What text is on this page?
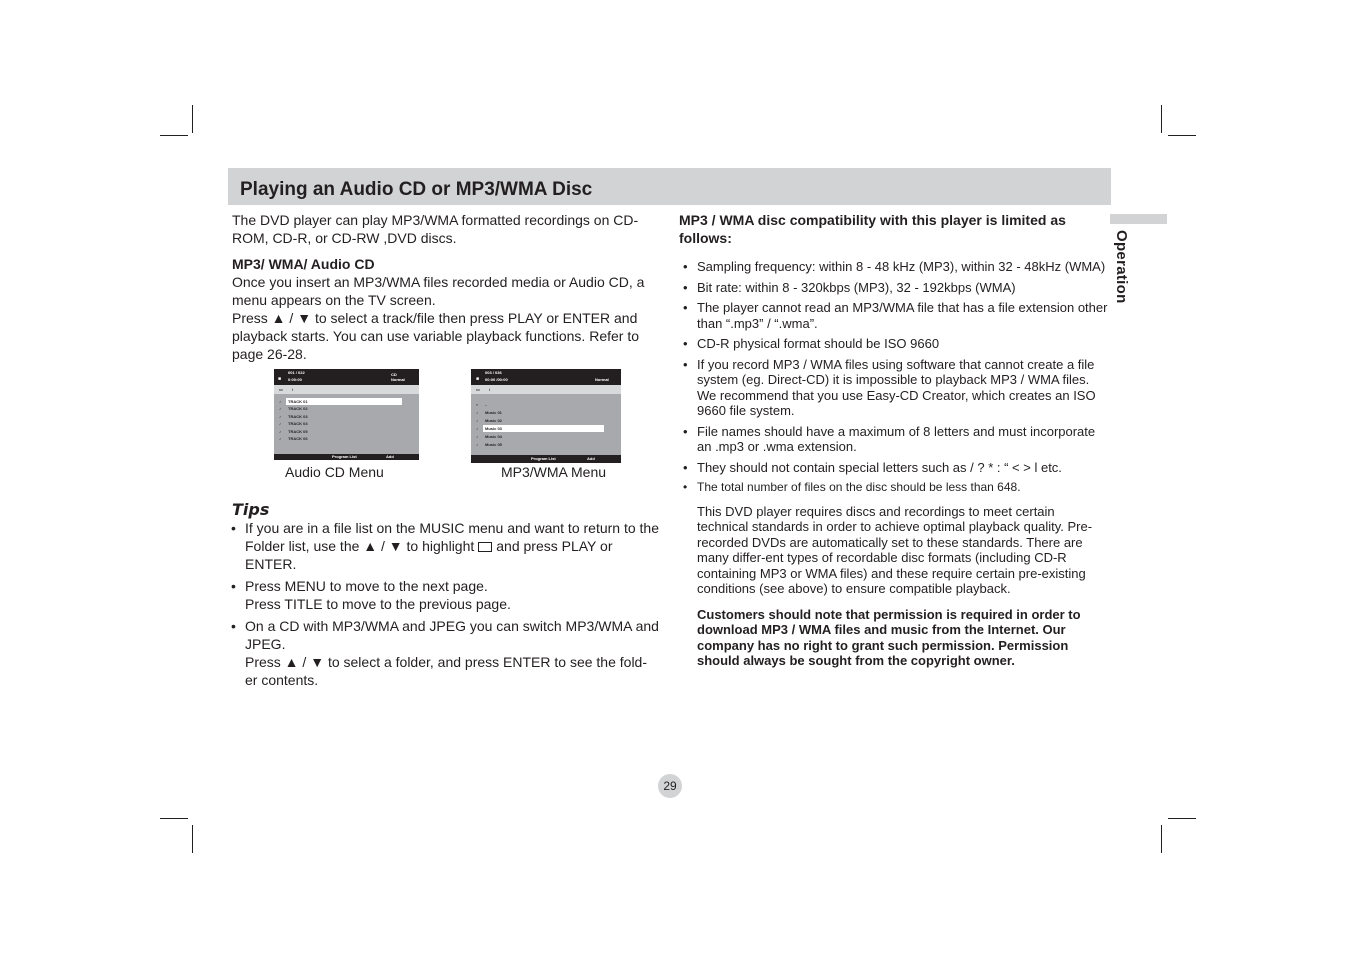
Playing an Audio CD or MP3/WMA Disc
Operation

The DVD player can play MP3/WMA formatted recordings on CD-ROM, CD-R, or CD-RW ,DVD discs.

MP3/ WMA/ Audio CD

Once you insert an MP3/WMA files recorded media or Audio CD, a menu appears on the TV screen.

Press ▲ / ▼ to select a track/file then press PLAY or ENTER and playback starts. You can use variable playback functions. Refer to page 26-28.

001 / 022
■ 0:00:00
CD
Normal
▭ \
♪ TRACK 01
♪ TRACK 02
♪ TRACK 03
♪ TRACK 04
♪ TRACK 05
♪ TRACK 06
Program List	Add
Audio CD Menu
003 / 036
■ 00:00 /00:00	Normal
▭ \
◐ ..
♪ Music 01
♪ Music 02
♪ Music 03
♪ Music 04
♪ Music 05
Program List	Add
MP3/WMA Menu
Tips
• If you are in a file list on the MUSIC menu and want to return to the Folder list, use the ▲ / ▼ to highlight and press PLAY or ENTER.
• Press MENU to move to the next page.
Press TITLE to move to the previous page.
• On a CD with MP3/WMA and JPEG you can switch MP3/WMA and JPEG.
Press ▲ / ▼ to select a folder, and press ENTER to see the fold-er contents.

MP3 / WMA disc compatibility with this player is limited as follows:

• Sampling frequency: within 8 - 48 kHz (MP3), within 32 - 48kHz (WMA)
• Bit rate: within 8 - 320kbps (MP3), 32 - 192kbps (WMA)
• The player cannot read an MP3/WMA file that has a file extension other than “.mp3” / “.wma”.
• CD-R physical format should be ISO 9660
• If you record MP3 / WMA files using software that cannot create a file system (eg. Direct-CD) it is impossible to playback MP3 / WMA files. We recommend that you use Easy-CD Creator, which creates an ISO 9660 file system.
• File names should have a maximum of 8 letters and must incorporate an .mp3 or .wma extension.
• They should not contain special letters such as / ? * : “ < > l etc.
• The total number of files on the disc should be less than 648.

This DVD player requires discs and recordings to meet certain technical standards in order to achieve optimal playback quality. Pre-recorded DVDs are automatically set to these standards. There are many differ-ent types of recordable disc formats (including CD-R containing MP3 or WMA files) and these require certain pre-existing conditions (see above) to ensure compatible playback.

Customers should note that permission is required in order to download MP3 / WMA files and music from the Internet. Our company has no right to grant such permission. Permission should always be sought from the copyright owner.

29
